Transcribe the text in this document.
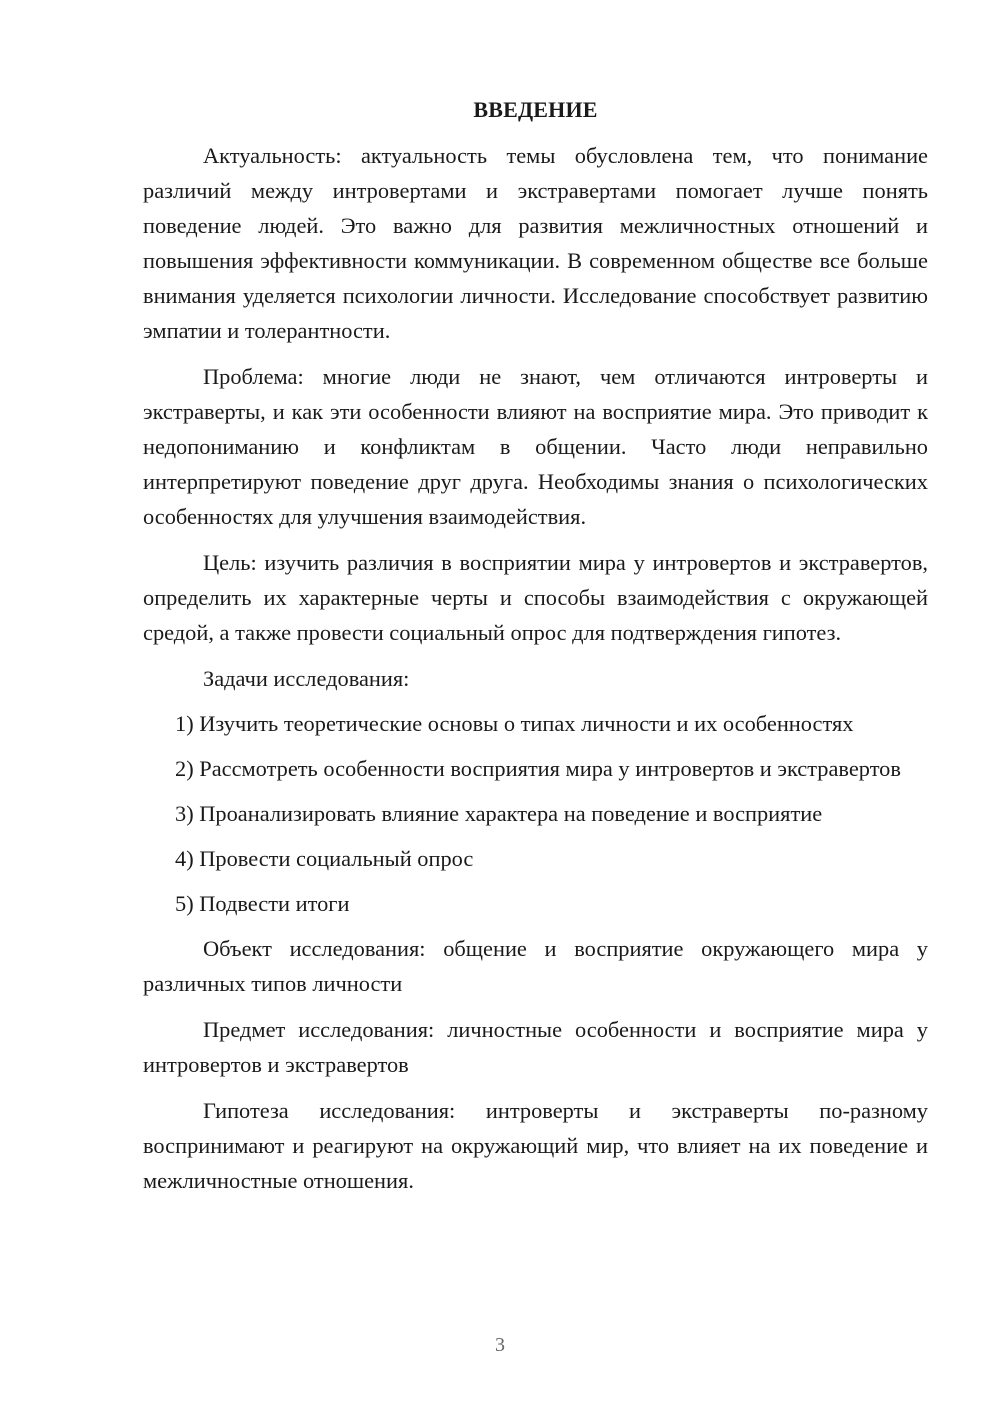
ВВЕДЕНИЕ

Актуальность: актуальность темы обусловлена тем, что понимание различий между интровертами и экстравертами помогает лучше понять поведение людей. Это важно для развития межличностных отношений и повышения эффективности коммуникации. В современном обществе все больше внимания уделяется психологии личности. Исследование способствует развитию эмпатии и толерантности.

Проблема: многие люди не знают, чем отличаются интроверты и экстраверты, и как эти особенности влияют на восприятие мира. Это приводит к недопониманию и конфликтам в общении. Часто люди неправильно интерпретируют поведение друг друга. Необходимы знания о психологических особенностях для улучшения взаимодействия.

Цель: изучить различия в восприятии мира у интровертов и экстравертов, определить их характерные черты и способы взаимодействия с окружающей средой, а также провести социальный опрос для подтверждения гипотез.

Задачи исследования:

1) Изучить теоретические основы о типах личности и их особенностях

2) Рассмотреть особенности восприятия мира у интровертов и экстравертов

3) Проанализировать влияние характера на поведение и восприятие

4) Провести социальный опрос

5) Подвести итоги

Объект исследования: общение и восприятие окружающего мира у различных типов личности

Предмет исследования: личностные особенности и восприятие мира у интровертов и экстравертов

Гипотеза исследования: интроверты и экстраверты по-разному воспринимают и реагируют на окружающий мир, что влияет на их поведение и межличностные отношения.

3
